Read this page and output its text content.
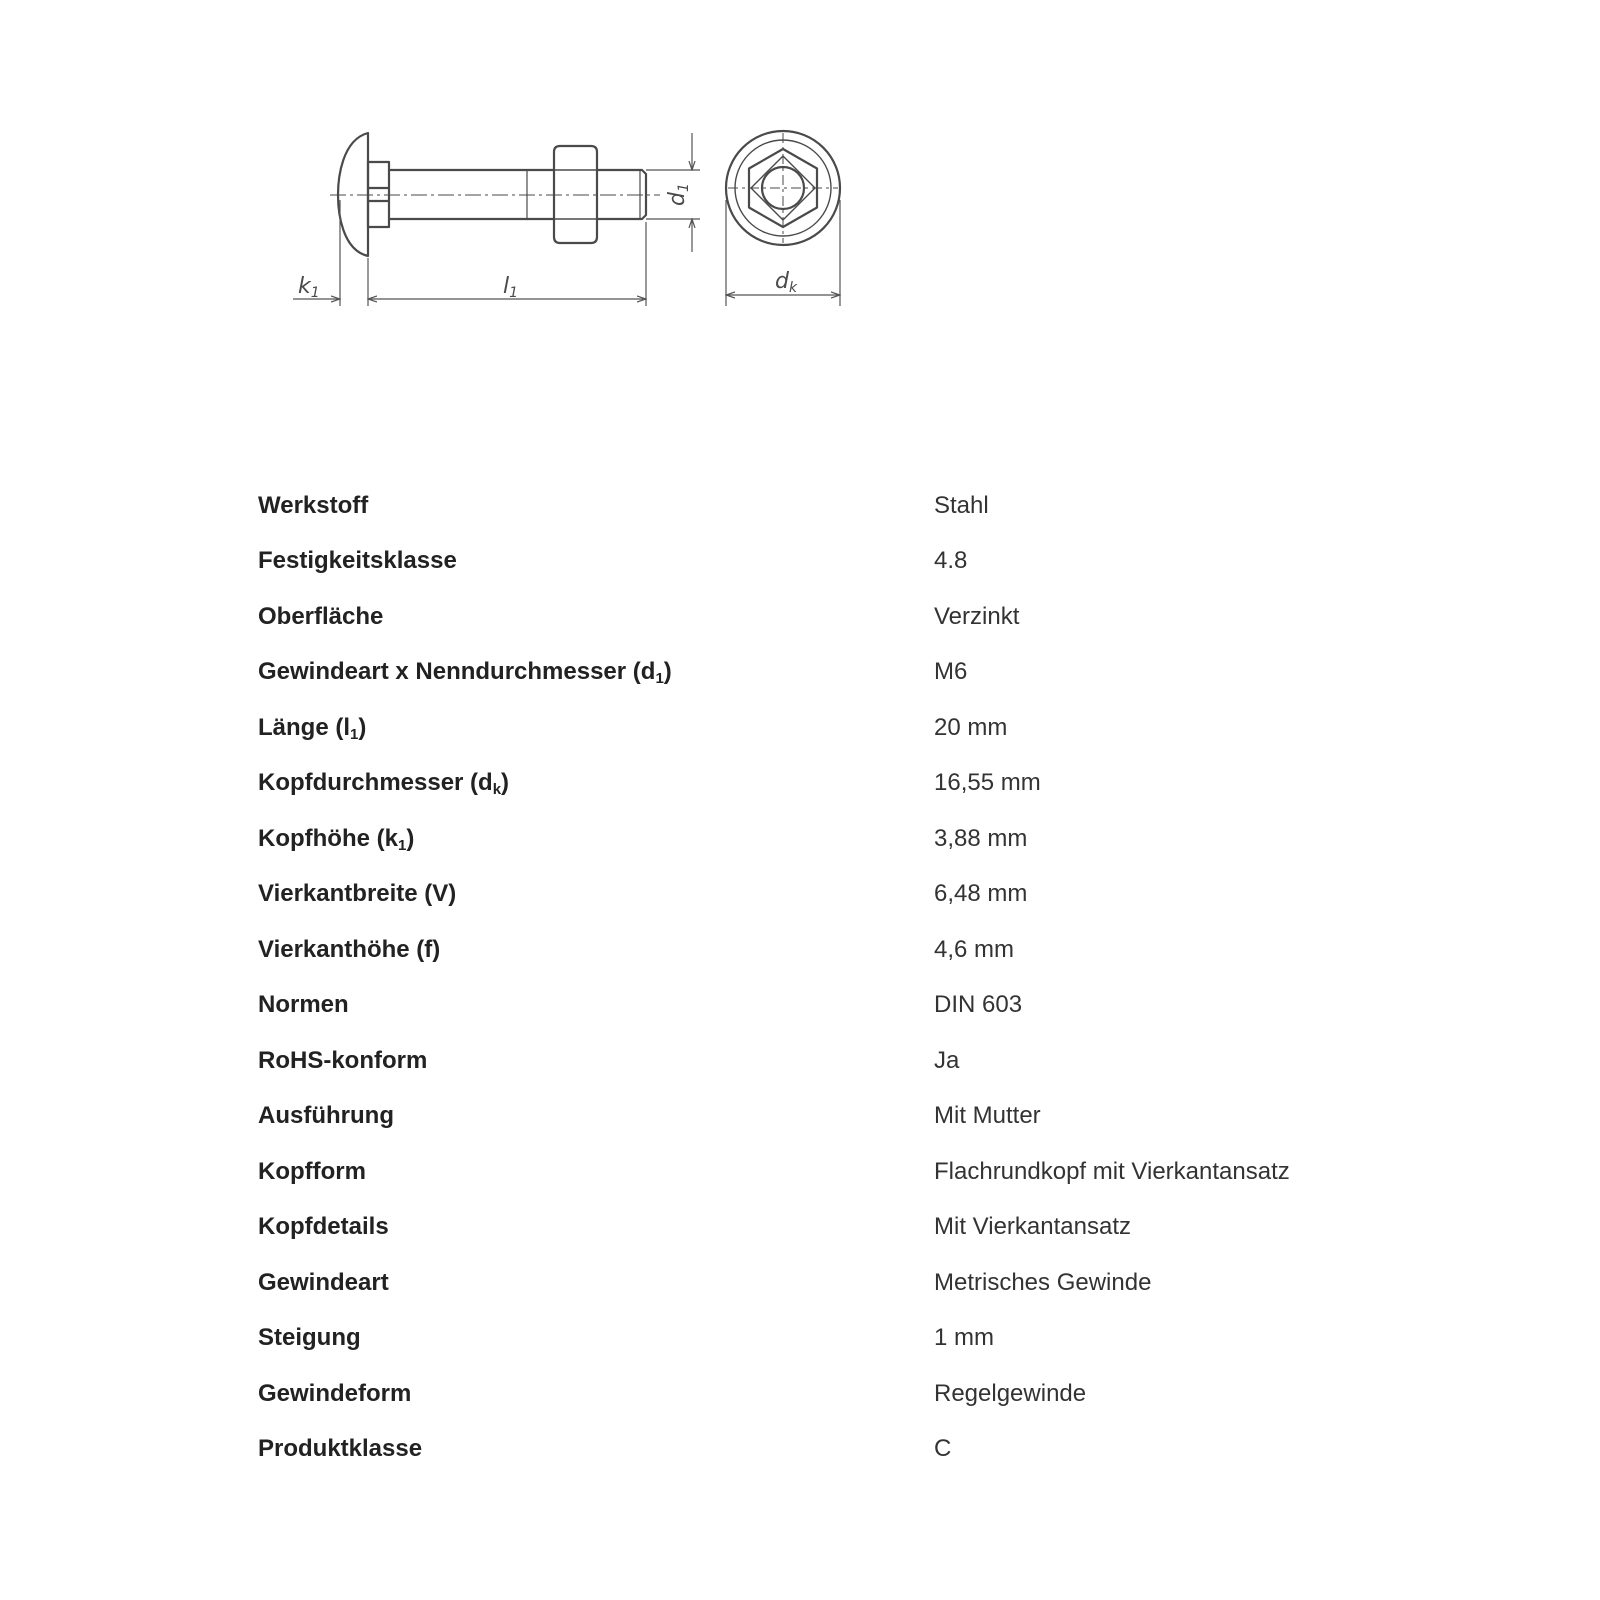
k1	l1	dk
d1
Werkstoff	Stahl
Festigkeitsklasse	4.8
Oberfläche	Verzinkt
Gewindeart x Nenndurchmesser $(d_1)$	M6
Länge $(l_1)$	20 mm
Kopfdurchmesser $(d_k)$	16,55 mm
Kopfhöhe $(k_1)$	3,88 mm
Vierkantbreite (V)	6,48 mm
Vierkanthöhe (f)	4,6 mm
Normen	DIN 603
RoHS-konform	Ja
Ausführung	Mit Mutter
Kopfform	Flachrundkopf mit Vierkantansatz
Kopfdetails	Mit Vierkantansatz
Gewindeart	Metrisches Gewinde
Steigung	1 mm
Gewindeform	Regelgewinde
Produktklasse	C
